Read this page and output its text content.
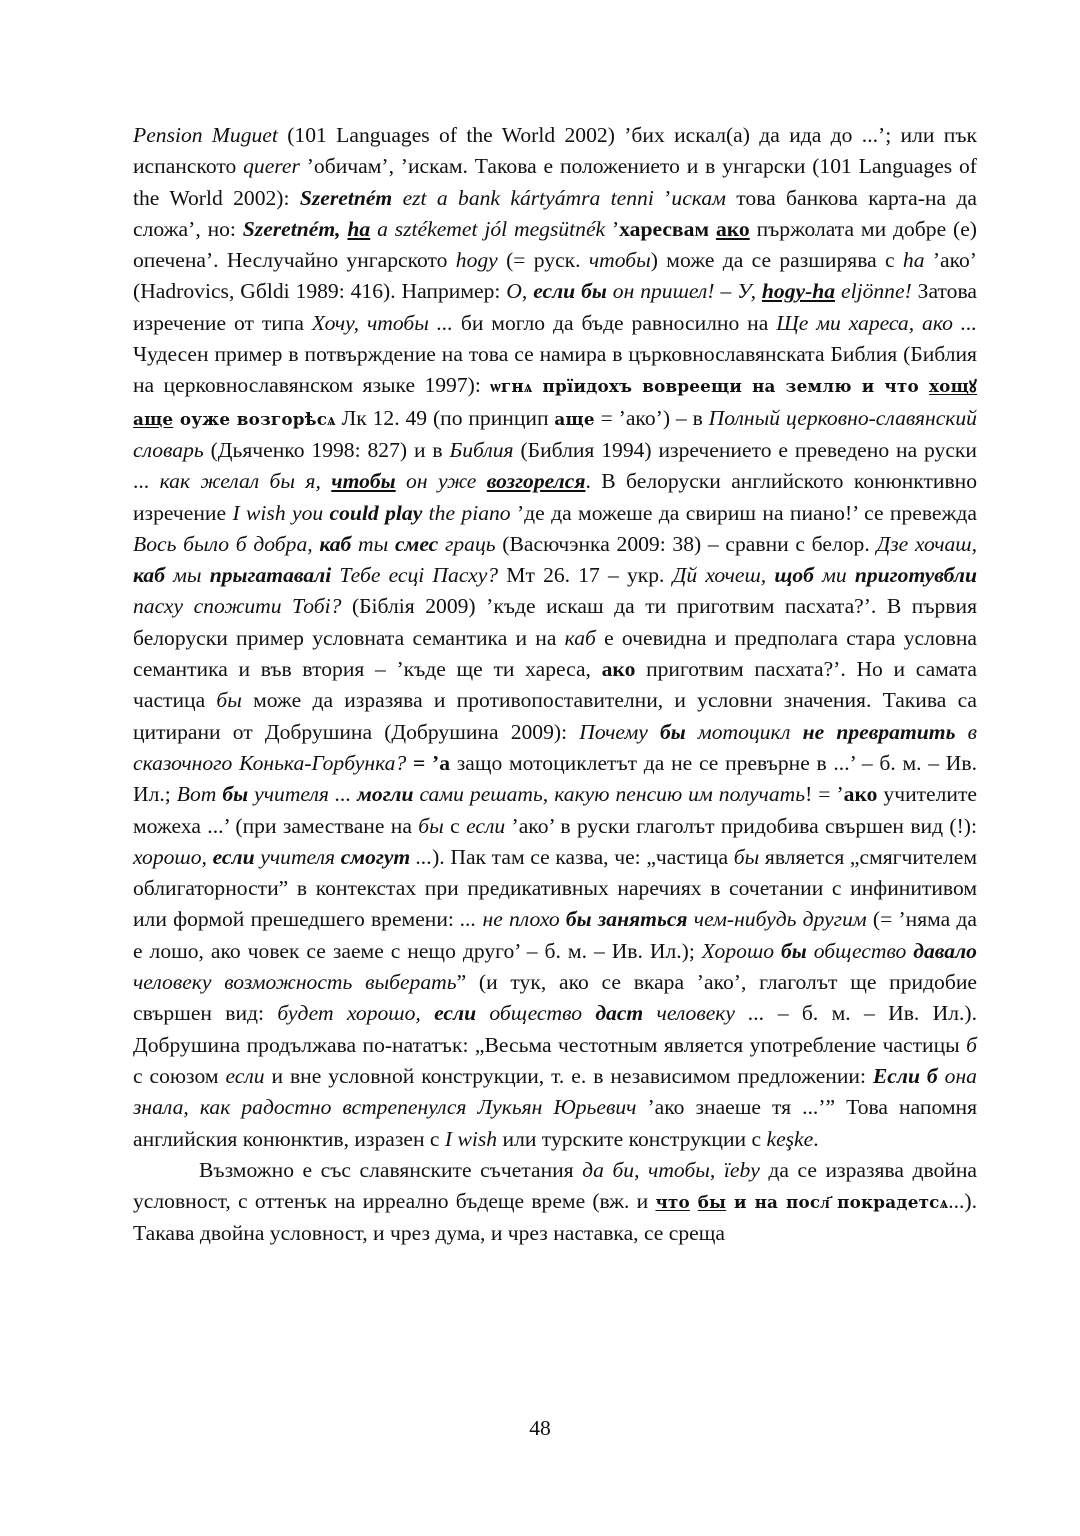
Pension Muguet (101 Languages of the World 2002) ’бих искал(а) да ида до ...’; или пък испанското querer ’обичам’, ’искам. Такова е положението и в унгарски (101 Languages of the World 2002): Szeretném ezt a bank kártyámra tenni ’искам това банкова карта-на да сложа’, но: Szeretném, ha a sztékemet jól megsütnék ’харесвам ако пържолата ми добре (е) опечена’. Неслучайно унгарското hogy (= руск. чтобы) може да се разширява с ha ’ако’ (Hadrovics, Gбldi 1989: 416). Например: О, если бы он пришел! – У, hogy-ha eljönne! Затова изречение от типа Хочу, чтобы ... би могло да бъде равносилно на Ще ми хареса, ако ... Чудесен пример в потвърждение на това се намира в църковнославянската Библия (Библия на церковнославянском языке 1997): ѡгнѧ прїидохъ вовреещи на землю и что хощꙋ аще оуже возгорѣсѧ Лк 12. 49 (по принцип аще = ’ако’) – в Полный церковно-славянский словарь (Дьяченко 1998: 827) и в Библия (Библия 1994) изречението е преведено на руски ... как желал бы я, чтобы он уже возгорелся. В белоруски английското конюнктивно изречение I wish you could play the piano ’де да можеше да свириш на пиано!’ се превежда Вось было б добра, каб ты смес граць (Васючэнка 2009: 38) – сравни с белор. Дзе хочаш, каб мы прыгатавалі Тебе есці Пасху? Мт 26. 17 – укр. Дй хочеш, щоб ми приготувбли пасху спожити Тобі? (Біблія 2009) ’къде искаш да ти приготвим пасхата?’. В първия белоруски пример условната семантика и на каб е очевидна и предполага стара условна семантика и във втория – ’къде ще ти хареса, ако приготвим пасхата?’. Но и самата частица бы може да изразява и противопоставителни, и условни значения. Такива са цитирани от Добрушина (Добрушина 2009): Почему бы мотоцикл не превратить в сказочного Конька-Горбунка? = ’а защо мотоциклетът да не се превърне в ...’ – б. м. – Ив. Ил.; Вот бы учителя ... могли сами решать, какую пенсию им получать! = ’ако учителите можеха ...’ (при заместване на бы с если ’ако’ в руски глаголът придобива свършен вид (!): хорошо, если учителя смогут ...). Пак там се казва, че: „частица бы является „смягчителем облигаторности” в контекстах при предикативных наречиях в сочетании с инфинитивом или формой прешедшего времени: ... не плохо бы заняться чем-нибудь другим (= ’няма да е лошо, ако човек се заеме с нещо друго’ – б. м. – Ив. Ил.); Хорошо бы общество давало человеку возможность выберать” (и тук, ако се вкара ’ако’, глаголът ще придобие свършен вид: будет хорошо, если общество даст человеку ... – б. м. – Ив. Ил.). Добрушина продължава по-нататък: „Весьма честотным является употребление частицы б с союзом если и вне условной конструкции, т. е. в независимом предложении: Если б она знала, как радостно встрепенулся Лукьян Юрьевич ’ако знаеше тя ...’” Това напомня английския конюнктив, изразен с I wish или турските конструкции с keşke.

Възможно е със славянските съчетания да би, чтобы, їeby да се изразява двойна условност, с оттенък на ирреално бъдеще време (вж. и что бы и на посл҃ покрадетсѧ...). Такава двойна условност, и чрез дума, и чрез наставка, се среща

48
